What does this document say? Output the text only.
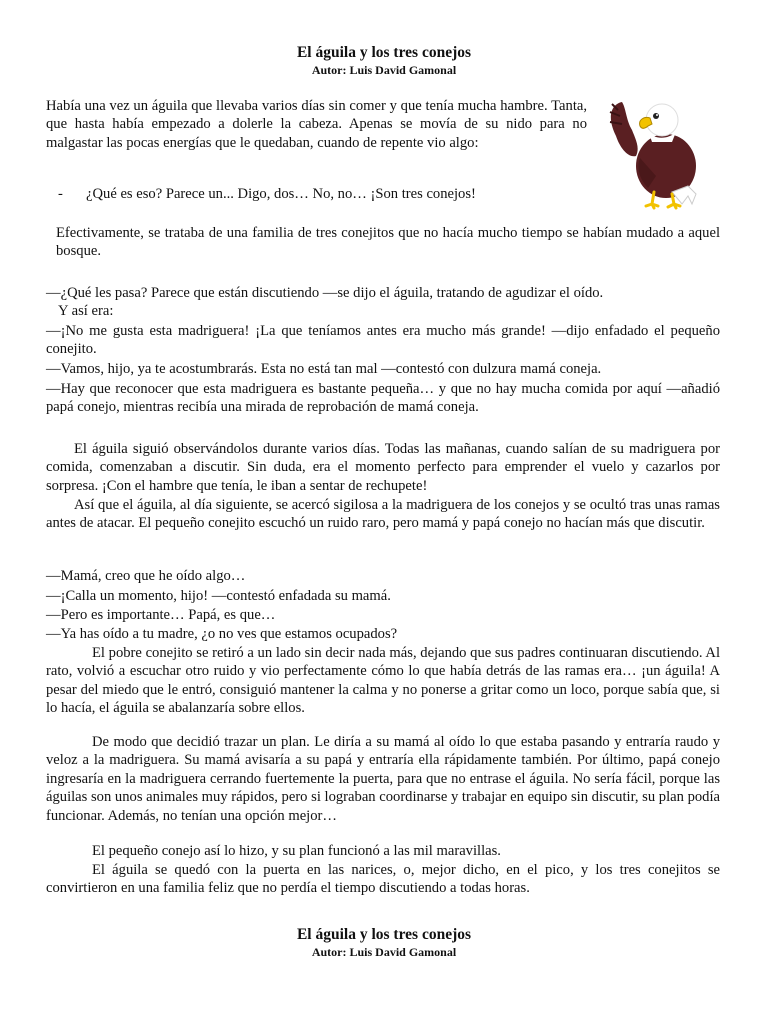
El águila y los tres conejos
Autor: Luis David Gamonal

Había una vez un águila que llevaba varios días sin comer y que tenía mucha hambre. Tanta, que hasta había empezado a dolerle la cabeza. Apenas se movía de su nido para no malgastar las pocas energías que le quedaban, cuando de repente vio algo:

- ¿Qué es eso? Parece un... Digo, dos… No, no… ¡Son tres conejos!

Efectivamente, se trataba de una familia de tres conejitos que no hacía mucho tiempo se habían mudado a aquel bosque.

—¿Qué les pasa? Parece que están discutiendo —se dijo el águila, tratando de agudizar el oído.
Y así era:

—¡No me gusta esta madriguera! ¡La que teníamos antes era mucho más grande! —dijo enfadado el pequeño conejito.

—Vamos, hijo, ya te acostumbrarás. Esta no está tan mal —contestó con dulzura mamá coneja.

—Hay que reconocer que esta madriguera es bastante pequeña… y que no hay mucha comida por aquí —añadió papá conejo, mientras recibía una mirada de reprobación de mamá coneja.

El águila siguió observándolos durante varios días. Todas las mañanas, cuando salían de su madriguera por comida, comenzaban a discutir. Sin duda, era el momento perfecto para emprender el vuelo y cazarlos por sorpresa. ¡Con el hambre que tenía, le iban a sentar de rechupete!

Así que el águila, al día siguiente, se acercó sigilosa a la madriguera de los conejos y se ocultó tras unas ramas antes de atacar. El pequeño conejito escuchó un ruido raro, pero mamá y papá conejo no hacían más que discutir.

—Mamá, creo que he oído algo…
—¡Calla un momento, hijo! —contestó enfadada su mamá.
—Pero es importante… Papá, es que…
—Ya has oído a tu madre, ¿o no ves que estamos ocupados?

El pobre conejito se retiró a un lado sin decir nada más, dejando que sus padres continuaran discutiendo. Al rato, volvió a escuchar otro ruido y vio perfectamente cómo lo que había detrás de las ramas era… ¡un águila! A pesar del miedo que le entró, consiguió mantener la calma y no ponerse a gritar como un loco, porque sabía que, si lo hacía, el águila se abalanzaría sobre ellos.

De modo que decidió trazar un plan. Le diría a su mamá al oído lo que estaba pasando y entraría raudo y veloz a la madriguera. Su mamá avisaría a su papá y entraría ella rápidamente también. Por último, papá conejo ingresaría en la madriguera cerrando fuertemente la puerta, para que no entrase el águila. No sería fácil, porque las águilas son unos animales muy rápidos, pero si lograban coordinarse y trabajar en equipo sin discutir, su plan podía funcionar. Además, no tenían una opción mejor…

El pequeño conejo así lo hizo, y su plan funcionó a las mil maravillas.

El águila se quedó con la puerta en las narices, o, mejor dicho, en el pico, y los tres conejitos se convirtieron en una familia feliz que no perdía el tiempo discutiendo a todas horas.

El águila y los tres conejos
Autor: Luis David Gamonal
